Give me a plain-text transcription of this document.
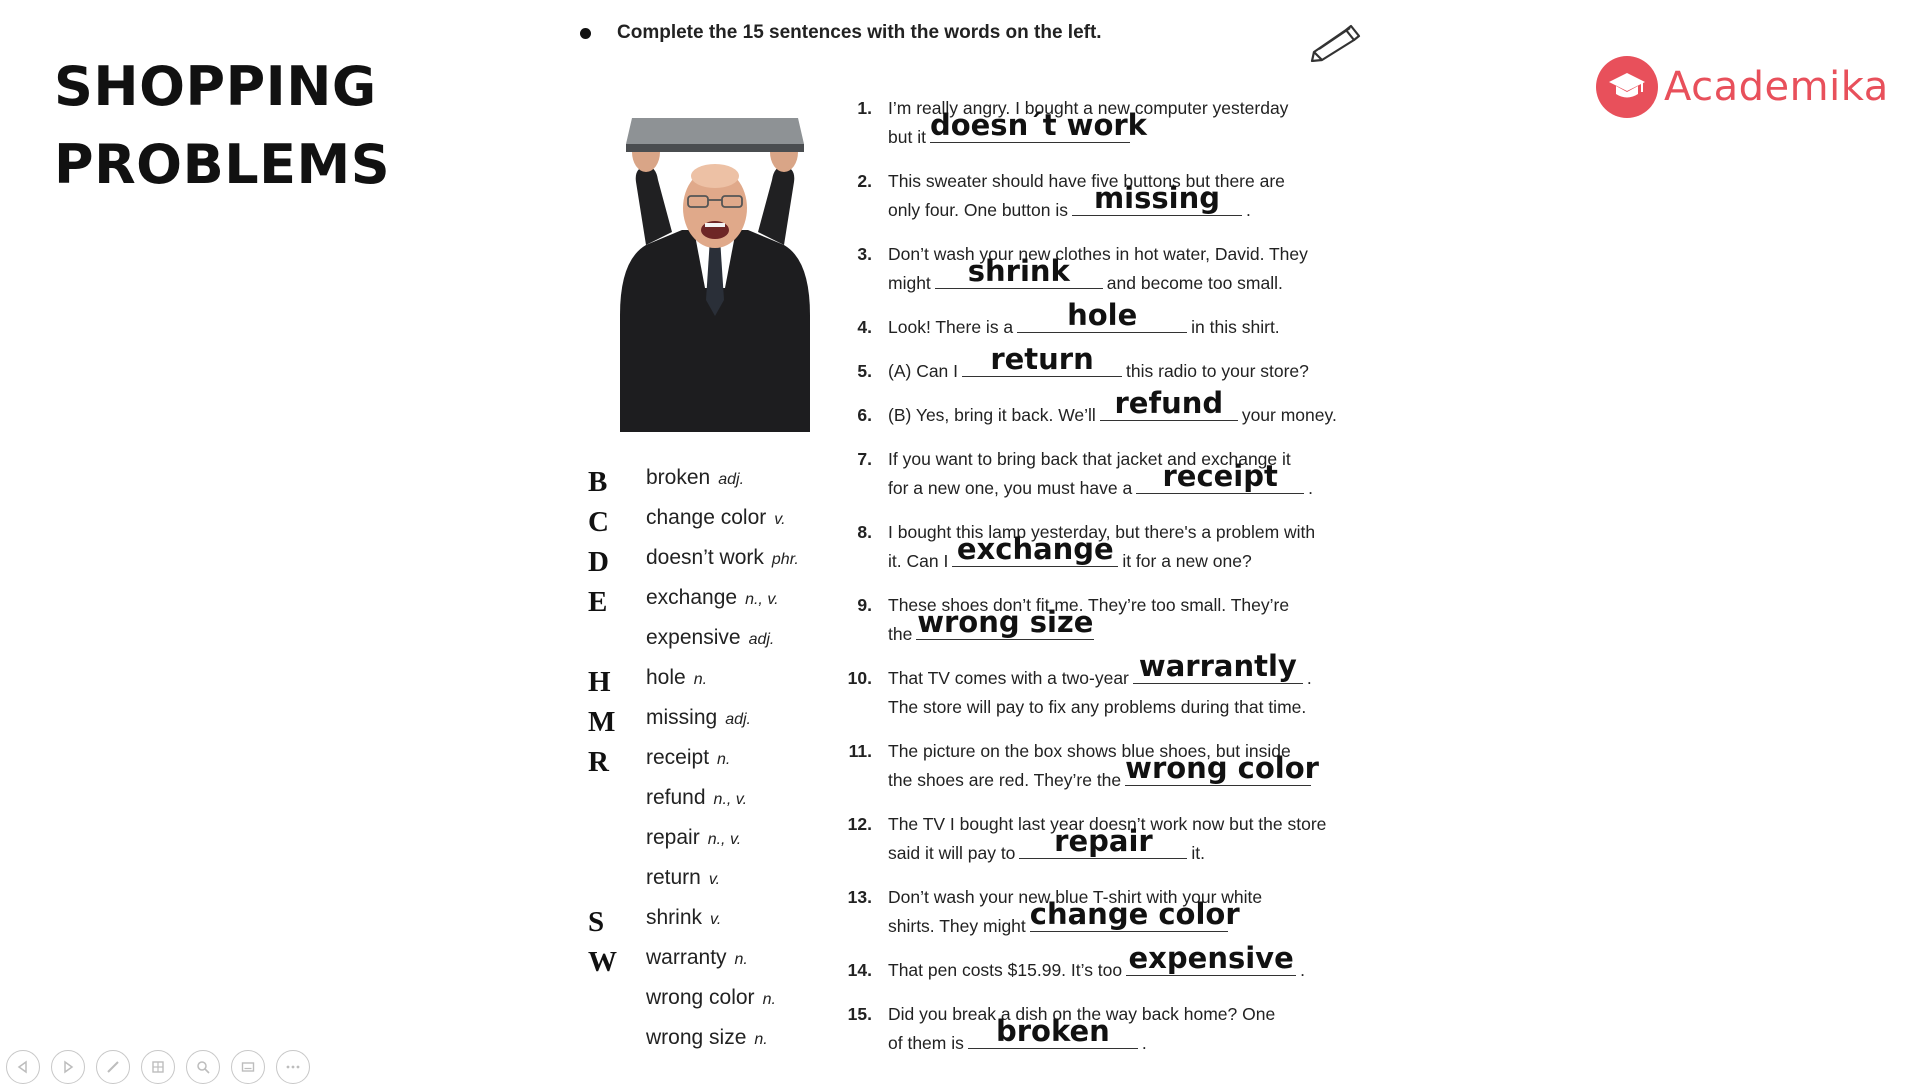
SHOPPING
PROBLEMS
Academika
Complete the 15 sentences with the words on the left.
B	broken adj.
C	change color v.
D	doesn’t work phr.
E	exchange n., v.
expensive adj.
H	hole n.
M missing adj.
R	receipt n.
refund n., v.
repair n., v.
return v.
S	shrink v.
W warranty n.
wrong color n.
wrong size n.
1. I’m really angry. I bought a new computer yesterday
but it doesn´t work
2. This sweater should have five buttons but there are
only four. One button is missing	.
3. Don’t wash your new clothes in hot water, David. They
might	shrink	and become too small.
4. Look! There is a	hole	in this shirt.
5. (A) Can I	return	this radio to your store?
6. (B) Yes, bring it back. We’ll refund	your money.
7. If you want to bring back that jacket and exchange it
for a new one, you must have a	receipt	.
8. I bought this lamp yesterday, but there's a problem with
it. Can I exchange it for a new one?
9. These shoes don’t fit me. They’re too small. They’re
the wrong size
10. That TV comes with a two-year warrantly .
The store will pay to fix any problems during that time.
11. The picture on the box shows blue shoes, but inside
the shoes are red. They’re the wrong color
12. The TV I bought last year doesn’t work now but the store
said it will pay to	repair	it.
13. Don’t wash your new blue T-shirt with your white
shirts. They might change color
14. That pen costs $15.99. It’s too expensive .
15. Did you break a dish on the way back home? One
of them is	broken	.
